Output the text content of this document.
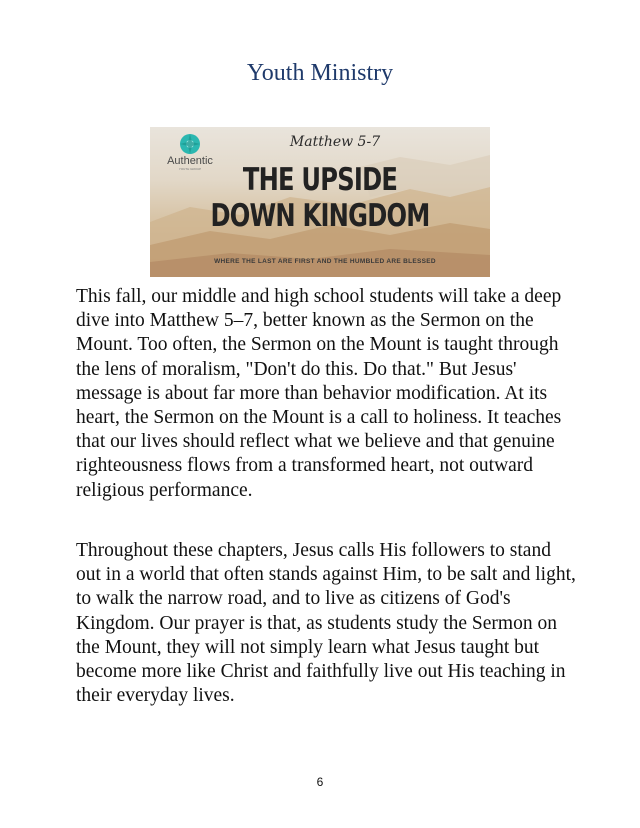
Youth Ministry
Authentic
YOUTH GROUP
Matthew 5-7
THE UPSIDE
DOWN KINGDOM
WHERE THE LAST ARE FIRST AND THE HUMBLED ARE BLESSED

This fall, our middle and high school students will take a deep dive into Matthew 5–7, better known as the Sermon on the Mount. Too often, the Sermon on the Mount is taught through the lens of moralism, "Don't do this. Do that." But Jesus' message is about far more than behavior modification. At its heart, the Sermon on the Mount is a call to holiness. It teaches that our lives should reflect what we believe and that genuine righteousness flows from a transformed heart, not outward religious performance.

Throughout these chapters, Jesus calls His followers to stand out in a world that often stands against Him, to be salt and light, to walk the narrow road, and to live as citizens of God's Kingdom. Our prayer is that, as students study the Sermon on the Mount, they will not simply learn what Jesus taught but become more like Christ and faithfully live out His teaching in their everyday lives.

6
